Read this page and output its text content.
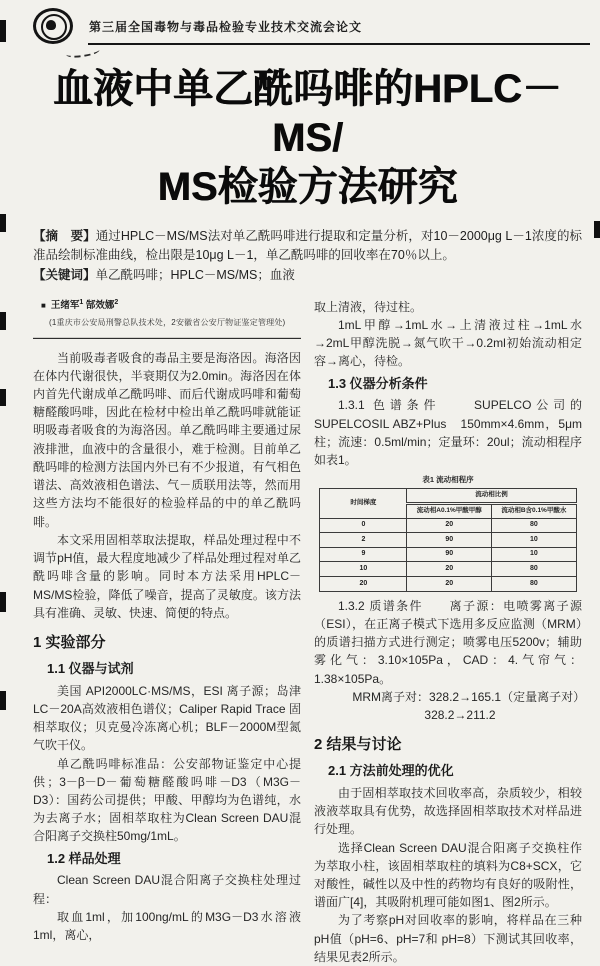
第三届全国毒物与毒品检验专业技术交流会论文
血液中单乙酰吗啡的HPLC－MS/
MS检验方法研究
【摘　要】通过HPLC－MS/MS法对单乙酰吗啡进行提取和定量分析，对10－2000μg L－1浓度的标准品绘制标准曲线，检出限是10μg L－1，单乙酰吗啡的回收率在70％以上。
【关键词】单乙酰吗啡；HPLC－MS/MS；血液
■ 王绪军$^1$ 郜效娜$^2$
(1重庆市公安局刑警总队技术处，2安徽省公安厅物证鉴定管理处)

当前吸毒者吸食的毒品主要是海洛因。海洛因在体内代谢很快，半衰期仅为2.0min。海洛因在体内首先代谢成单乙酰吗啡、而后代谢成吗啡和葡萄糖醛酸吗啡，因此在检材中检出单乙酰吗啡就能证明吸毒者吸食的为海洛因。单乙酰吗啡主要通过尿液排泄，血液中的含量很小，难于检测。目前单乙酰吗啡的检测方法国内外已有不少报道，有气相色谱法、高效液相色谱法、气－质联用法等，然而用这些方法均不能很好的检验样品的中的单乙酰吗啡。

本文采用固相萃取法提取，样品处理过程中不调节pH值，最大程度地减少了样品处理过程对单乙酰吗啡含量的影响。同时本方法采用HPLC－MS/MS检验，降低了噪音，提高了灵敏度。该方法具有准确、灵敏、快速、简便的特点。

1 实验部分

1.1 仪器与试剂

美国 API2000LC·MS/MS，ESI 离子源；岛津LC－20A高效液相色谱仪；Caliper Rapid Trace 固相萃取仪；贝克曼冷冻离心机；BLF－2000M型氮气吹干仪。

单乙酰吗啡标准品：公安部物证鉴定中心提供；3－β－D－葡萄糖醛酸吗啡－D3（M3G－D3）：国药公司提供；甲酸、甲醇均为色谱纯，水为去离子水；固相萃取柱为Clean Screen DAU混合阳离子交换柱50mg/1mL。

1.2 样品处理

Clean Screen DAU混合阳离子交换柱处理过程：

取血1ml，加100ng/mL的M3G－D3水溶液1ml，离心，

取上清液，待过柱。

1mL甲醇→1mL水→上清液过柱→1mL水→2mL甲醇洗脱→氮气吹干→0.2ml初始流动相定容→离心，待检。

1.3 仪器分析条件

1.3.1 色谱条件　　SUPELCO公司的SUPELCOSIL ABZ+Plus　150mm×4.6mm，5μm柱；流速：0.5ml/min；定量环：20ul；流动相程序如表1。

表1 流动相程序
时间梯度	流动相比例	
	流动相A0.1%甲酸甲醇	流动相B含0.1%甲酸水
0	20	80
2	90	10
9	90	10
10	20	80
20	20	80

1.3.2 质谱条件　　离子源：电喷雾离子源（ESI），在正离子模式下选用多反应监测（MRM）的质谱扫描方式进行测定；喷雾电压5200v；辅助雾化气：3.10×105Pa，CAD：4.气帘气：1.38×105Pa。

MRM离子对：328.2→165.1（定量离子对）

328.2→211.2

2 结果与讨论

2.1 方法前处理的优化

由于固相萃取技术回收率高，杂质较少，相较液液萃取具有优势，故选择固相萃取技术对样品进行处理。

选择Clean Screen DAU混合阳离子交换柱作为萃取小柱，该固相萃取柱的填料为C8+SCX，它对酸性，碱性以及中性的药物均有良好的吸附性，谱面广[4]，其吸附机理可能如图1、图2所示。

为了考察pH对回收率的影响，将样品在三种pH值（pH=6、pH=7和 pH=8）下测试其回收率，结果见表2所示。
